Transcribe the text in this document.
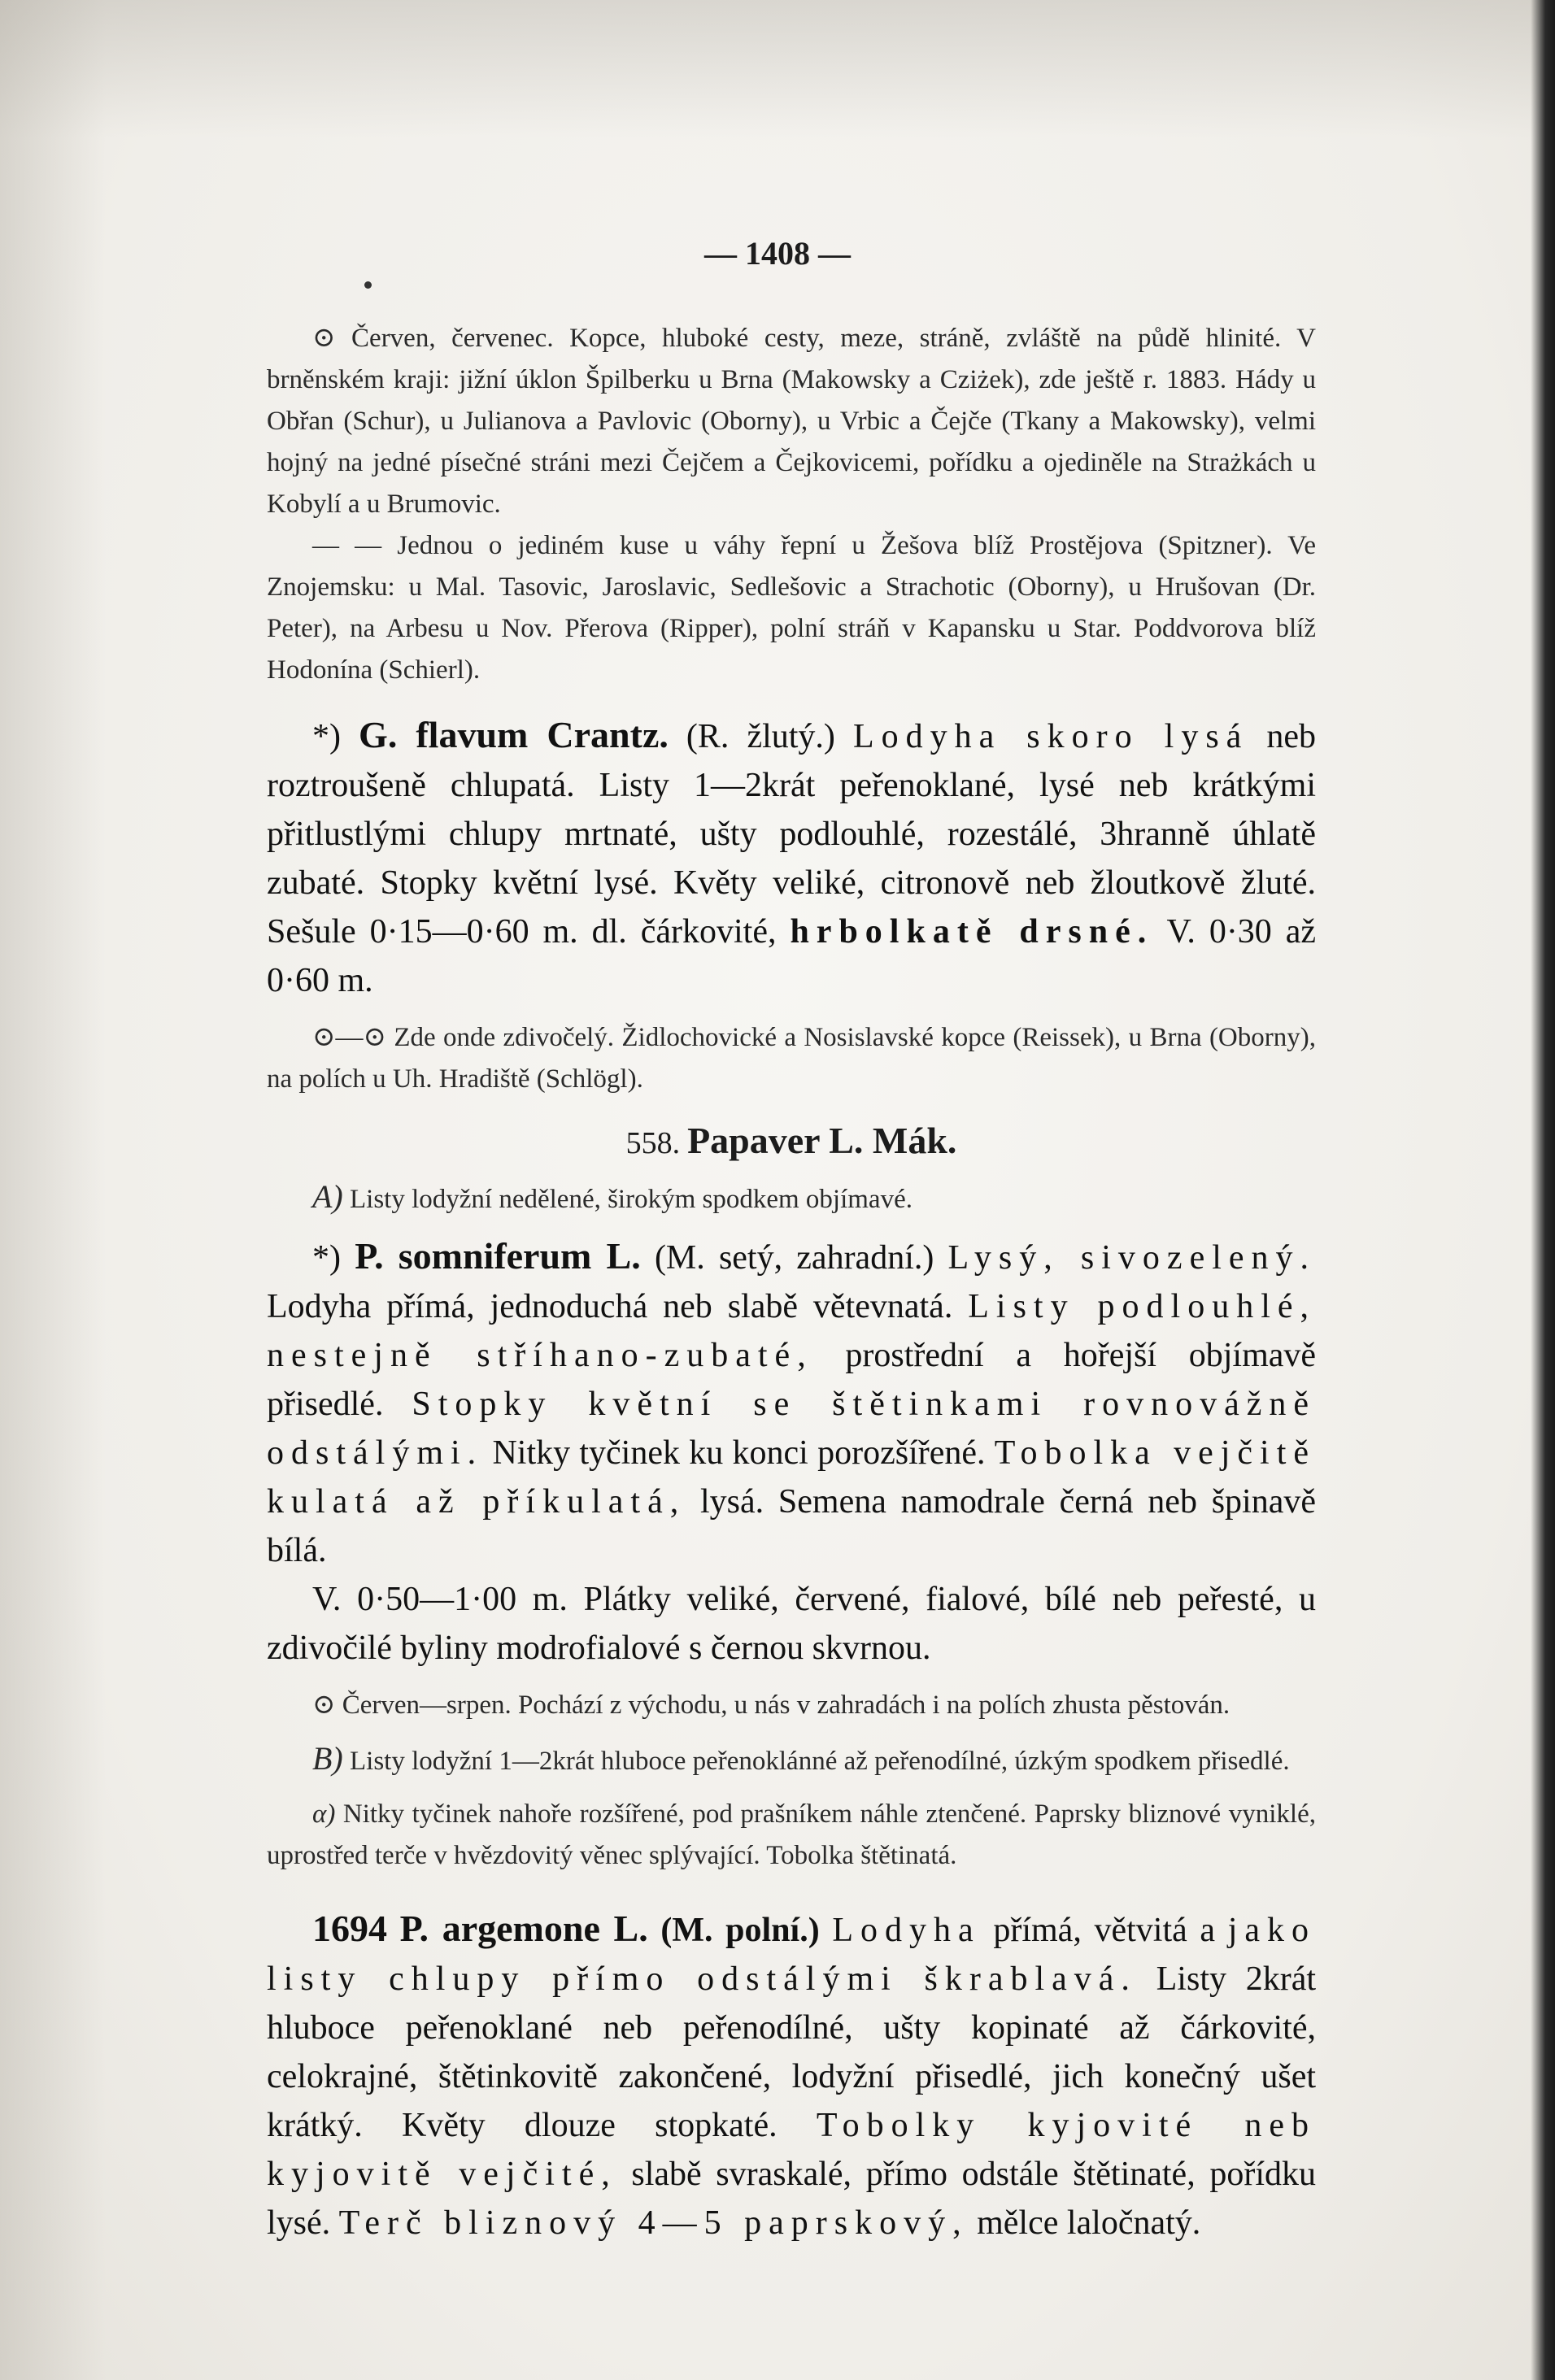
— 1408 —

⊙ Červen, červenec. Kopce, hluboké cesty, meze, stráně, zvláště na půdě hlinité. V brněnském kraji: jižní úklon Špilberku u Brna (Makowsky a Cziżek), zde ještě r. 1883. Hády u Obřan (Schur), u Julianova a Pavlovic (Oborny), u Vrbic a Čejče (Tkany a Makowsky), velmi hojný na jedné písečné stráni mezi Čejčem a Čejkovicemi, pořídku a ojediněle na Strażkách u Kobylí a u Brumovic.

— — Jednou o jediném kuse u váhy řepní u Žešova blíž Prostějova (Spitzner). Ve Znojemsku: u Mal. Tasovic, Jaroslavic, Sedlešovic a Strachotic (Oborny), u Hrušovan (Dr. Peter), na Arbesu u Nov. Přerova (Ripper), polní stráň v Kapansku u Star. Poddvorova blíž Hodonína (Schierl).

*) G. flavum Crantz. (R. žlutý.) Lodyha skoro lysá neb roztroušeně chlupatá. Listy 1—2krát peřenoklané, lysé neb krátkými přitlustlými chlupy mrtnaté, ušty podlouhlé, rozestálé, 3hranně úhlatě zubaté. Stopky květní lysé. Květy veliké, citronově neb žloutkově žluté. Sešule 0·15—0·60 m. dl. čárkovité, hrbolkatě drsné. V. 0·30 až 0·60 m.

⊙—⊙ Zde onde zdivočelý. Židlochovické a Nosislavské kopce (Reissek), u Brna (Oborny), na polích u Uh. Hradiště (Schlögl).

558. Papaver L. Mák.

A) Listy lodyžní nedělené, širokým spodkem objímavé.

*) P. somniferum L. (M. setý, zahradní.) Lysý, sivozelený. Lodyha přímá, jednoduchá neb slabě větevnatá. Listy podlouhlé, nestejně stříhano-zubaté, prostřední a hořejší objímavě přisedlé. Stopky květní se štětinkami rovnovážně odstálými. Nitky tyčinek ku konci porozšířené. Tobolka vejčitě kulatá až příkulatá, lysá. Semena namodrale černá neb špinavě bílá.

V. 0·50—1·00 m. Plátky veliké, červené, fialové, bílé neb peřesté, u zdivočilé byliny modrofialové s černou skvrnou.

⊙ Červen—srpen. Pochází z východu, u nás v zahradách i na polích zhusta pěstován.

B) Listy lodyžní 1—2krát hluboce peřenoklánné až peřenodílné, úzkým spodkem přisedlé.

α) Nitky tyčinek nahoře rozšířené, pod prašníkem náhle ztenčené. Paprsky bliznové vyniklé, uprostřed terče v hvězdovitý věnec splývající. Tobolka štětinatá.

1694 P. argemone L. (M. polní.) Lodyha přímá, větvitá a jako listy chlupy přímo odstálými škrablavá. Listy 2krát hluboce peřenoklané neb peřenodílné, ušty kopinaté až čárkovité, celokrajné, štětinkovitě zakončené, lodyžní přisedlé, jich konečný ušet krátký. Květy dlouze stopkaté. Tobolky kyjovité neb kyjovitě vejčité, slabě svraskalé, přímo odstále štětinaté, pořídku lysé. Terč bliznový 4—5 paprskový, mělce laločnatý.
